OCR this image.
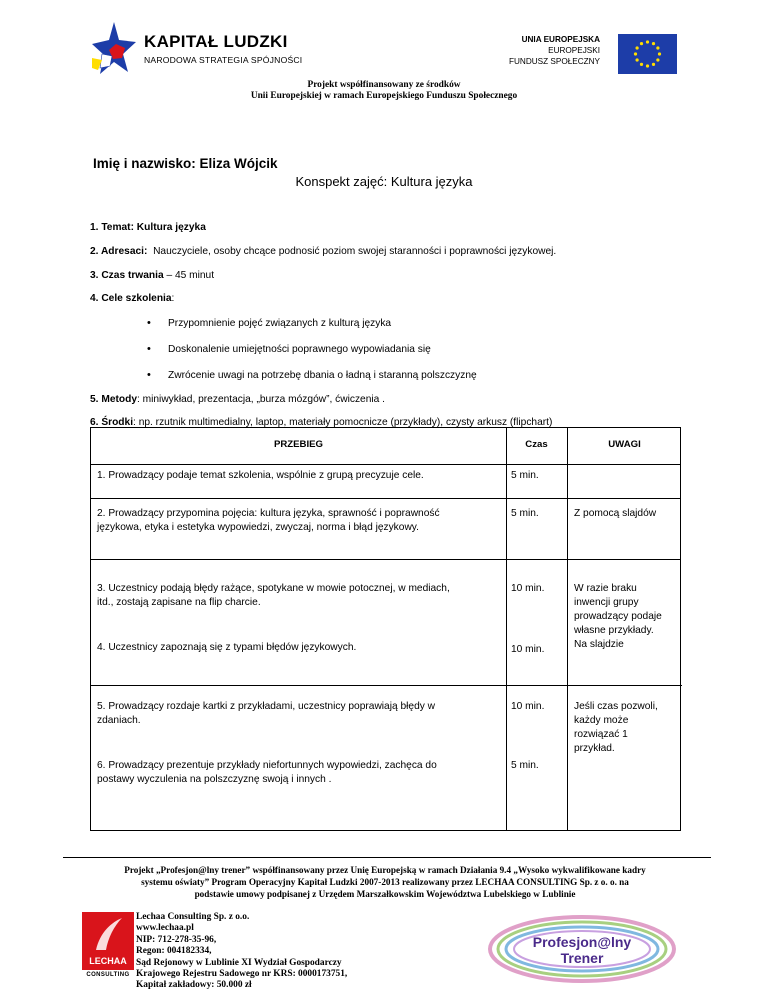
KAPITAŁ LUDZKI
NARODOWA STRATEGIA SPÓJNOŚCI
UNIA EUROPEJSKA
EUROPEJSKI
FUNDUSZ SPOŁECZNY
Projekt współfinansowany ze środków
Unii Europejskiej w ramach Europejskiego Funduszu Społecznego
Imię i nazwisko: Eliza Wójcik
Konspekt zajęć: Kultura języka
1. Temat: Kultura języka
2. Adresaci: Nauczyciele, osoby chcące podnosić poziom swojej staranności i poprawności językowej.
3. Czas trwania – 45 minut
4. Cele szkolenia:
• Przypomnienie pojęć związanych z kulturą języka
• Doskonalenie umiejętności poprawnego wypowiadania się
• Zwrócenie uwagi na potrzebę dbania o ładną i staranną polszczyznę
5. Metody: miniwykład, prezentacja, „burza mózgów”, ćwiczenia .
6. Środki: np. rzutnik multimedialny, laptop, materiały pomocnicze (przykłady), czysty arkusz (flipchart)
PRZEBIEG	Czas	UWAGI
1. Prowadzący podaje temat szkolenia, wspólnie z grupą precyzuje cele.	5 min.
2. Prowadzący przypomina pojęcia: kultura języka, sprawność i poprawność
językowa, etyka i estetyka wypowiedzi, zwyczaj, norma i błąd językowy.
5 min.	Z pomocą slajdów
3. Uczestnicy podają błędy rażące, spotykane w mowie potocznej, w mediach,
itd., zostają zapisane na flip charcie.
10 min.	W razie braku
inwencji grupy
prowadzący podaje
własne przykłady.
Na slajdzie
4. Uczestnicy zapoznają się z typami błędów językowych.	10 min.
5. Prowadzący rozdaje kartki z przykładami, uczestnicy poprawiają błędy w
zdaniach.
10 min.	Jeśli czas pozwoli,
każdy może
rozwiązać 1
przykład.
6. Prowadzący prezentuje przykłady niefortunnych wypowiedzi, zachęca do
postawy wyczulenia na polszczyznę swoją i innych .
5 min.
Projekt „Profesjon@lny trener” współfinansowany przez Unię Europejską w ramach Działania 9.4 „Wysoko wykwalifikowane kadry
systemu oświaty” Program Operacyjny Kapitał Ludzki 2007-2013 realizowany przez LECHAA CONSULTING Sp. z o. o. na
podstawie umowy podpisanej z Urzędem Marszałkowskim Województwa Lubelskiego w Lublinie
LECHAA
CONSULTING
Lechaa Consulting Sp. z o.o.
www.lechaa.pl
NIP: 712-278-35-96,
Regon: 004182334,
Sąd Rejonowy w Lublinie XI Wydział Gospodarczy
Krajowego Rejestru Sadowego nr KRS: 0000173751,
Kapitał zakładowy: 50.000 zł
Profesjon@lny
Trener
